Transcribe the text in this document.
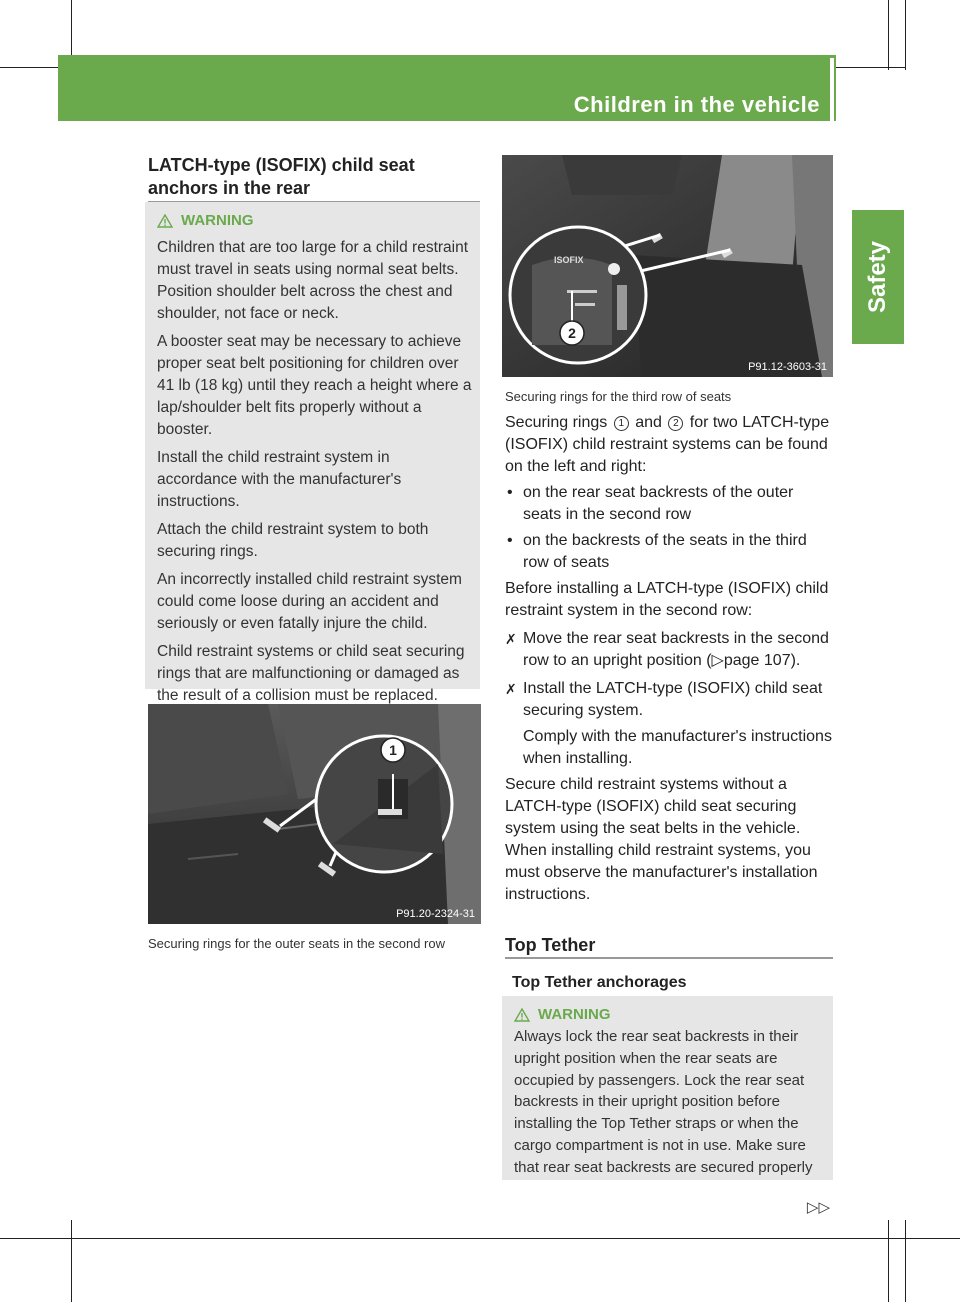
Children in the vehicle 63
Safety
LATCH-type (ISOFIX) child seat anchors in the rear
WARNING

Children that are too large for a child restraint must travel in seats using normal seat belts. Position shoulder belt across the chest and shoulder, not face or neck.

A booster seat may be necessary to achieve proper seat belt positioning for children over 41 lb (18 kg) until they reach a height where a lap/shoulder belt fits properly without a booster.

Install the child restraint system in accordance with the manufacturer's instructions.

Attach the child restraint system to both securing rings.

An incorrectly installed child restraint system could come loose during an accident and seriously or even fatally injure the child.

Child restraint systems or child seat securing rings that are malfunctioning or damaged as the result of a collision must be replaced.

1
P91.20-2324-31
Securing rings for the outer seats in the second row
ISOFIX
2
P91.12-3603-31
Securing rings for the third row of seats

Securing rings 1 and 2 for two LATCH-type (ISOFIX) child restraint systems can be found on the left and right:

• on the rear seat backrests of the outer seats in the second row

• on the backrests of the seats in the third row of seats

Before installing a LATCH-type (ISOFIX) child restraint system in the second row:

✗ Move the rear seat backrests in the second row to an upright position (▷page 107).

✗ Install the LATCH-type (ISOFIX) child seat securing system.

Comply with the manufacturer's instructions when installing.

Secure child restraint systems without a LATCH-type (ISOFIX) child seat securing system using the seat belts in the vehicle. When installing child restraint systems, you must observe the manufacturer's installation instructions.

Top Tether
Top Tether anchorages
WARNING

Always lock the rear seat backrests in their upright position when the rear seats are occupied by passengers. Lock the rear seat backrests in their upright position before installing the Top Tether straps or when the cargo compartment is not in use. Make sure that rear seat backrests are secured properly

▷▷
